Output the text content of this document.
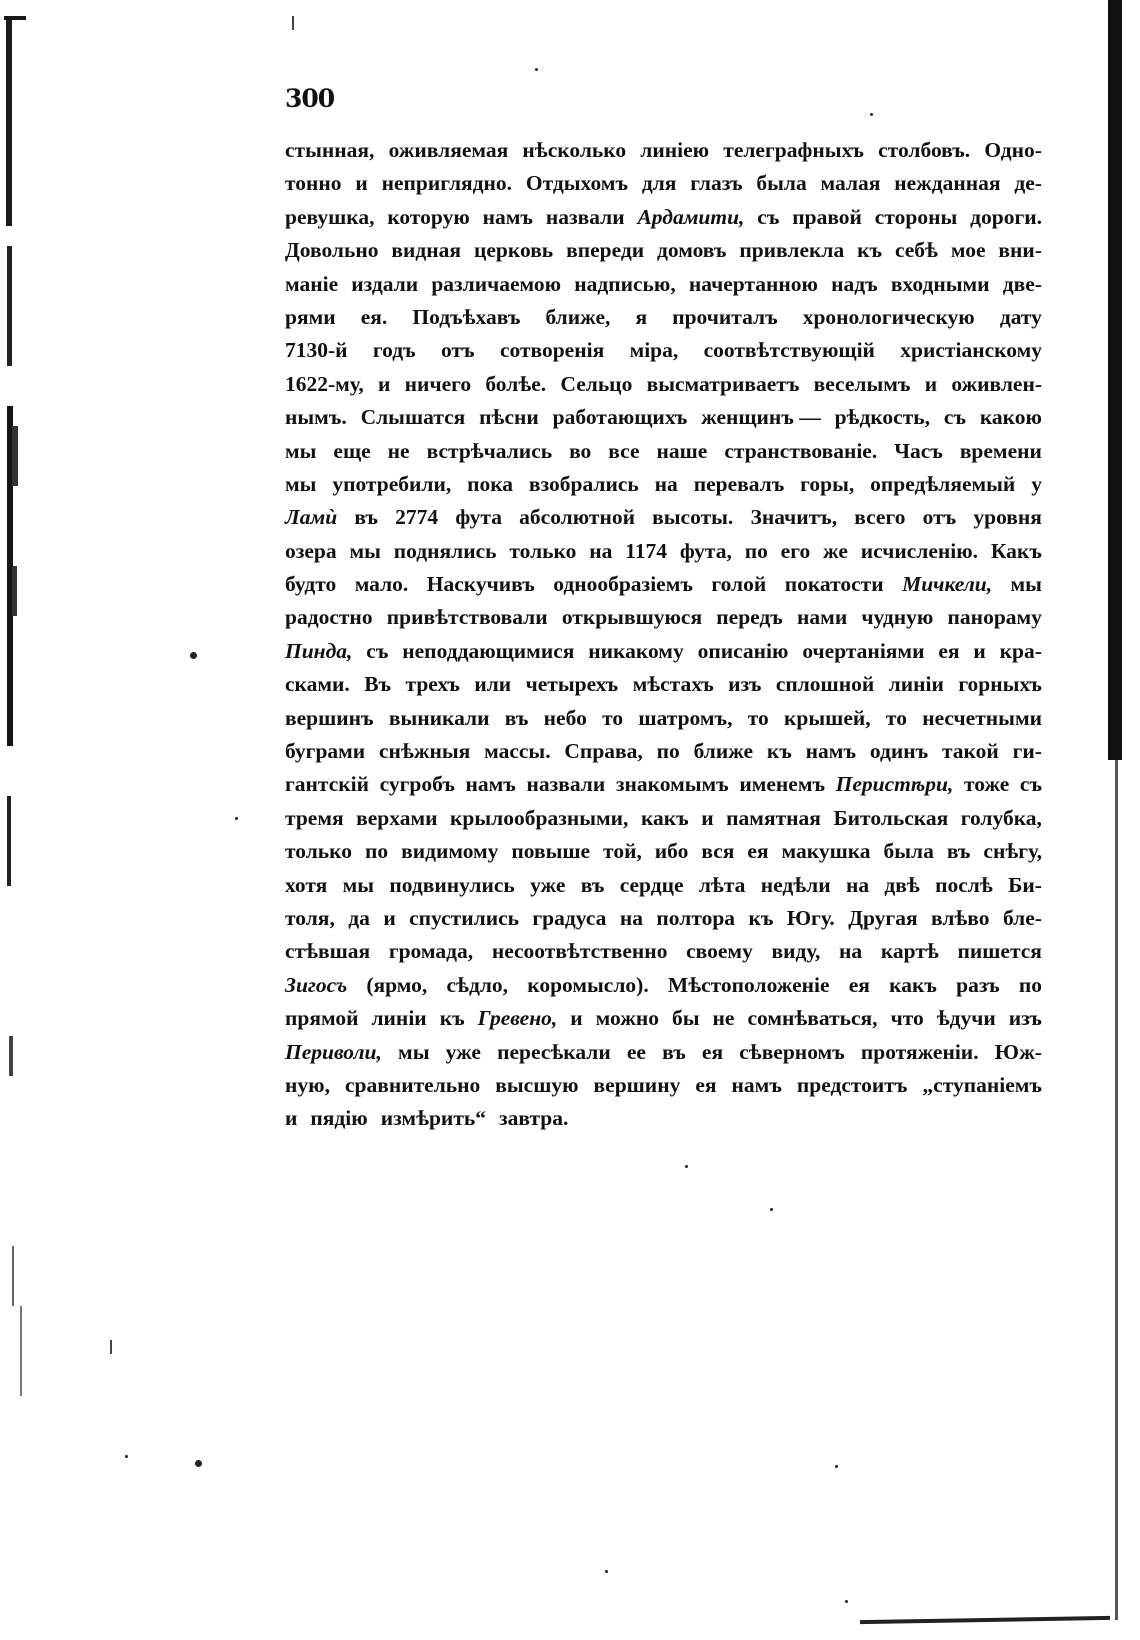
300
стынная, оживляемая нѣсколько линіею телеграфныхъ столбовъ. Одно-
тонно и непригляднo. Отдыхомъ для глазъ была малая нежданная де-
ревушка, которую намъ назвали Ардамити, съ правой стороны дороги.
Довольно видная церковь впереди домовъ привлекла къ себѣ мое вни-
маніе издали различаемою надписью, начертанною надъ входными две-
рями ея. Подъѣхавъ ближе, я прочиталъ хронологическую дату
7130-й годъ отъ сотворенія міра, соотвѣтствующій христіанскому
1622-му, и ничего болѣе. Сельцо высматриваетъ веселымъ и оживлен-
нымъ. Слышатся пѣсни работающихъ женщинъ — рѣдкость, съ какою
мы еще не встрѣчались во все наше странствованіе. Часъ времени
мы употребили, пока взобрались на перевалъ горы, опредѣляемый у
Ламѝ въ 2774 фута абсолютной высоты. Значитъ, всего отъ уровня
озера мы поднялись только на 1174 фута, по его же исчисленію. Какъ
будто мало. Наскучивъ однообразіемъ голой покатости Мичкели, мы
радостно привѣтствовали открывшуюся передъ нами чудную панораму
Пинда, съ неподдающимися никакому описанію очертаніями ея и кра-
сками. Въ трехъ или четырехъ мѣстахъ изъ сплошной линіи горныхъ
вершинъ выникали въ небо то шатромъ, то крышей, то несчетными
буграми снѣжныя массы. Справа, по ближе къ намъ одинъ такой ги-
гантскій сугробъ намъ назвали знакомымъ именемъ Перистѣри, тоже съ
тремя верхами крылообразными, какъ и памятная Битольская голубка,
только по видимому повыше той, ибо вся ея макушка была въ снѣгу,
хотя мы подвинулись уже въ сердце лѣта недѣли на двѣ послѣ Би-
толя, да и спустились градуса на полтора къ Югу. Другая влѣво бле-
стѣвшая громада, несоотвѣтственно своему виду, на картѣ пишется
Зигосъ (ярмо, сѣдло, коромысло). Мѣстоположеніе ея какъ разъ по
прямой линіи къ Гревено, и можно бы не сомнѣваться, что ѣдучи изъ
Периволи, мы уже пересѣкали ее въ ея сѣверномъ протяженіи. Юж-
ную, сравнительно высшую вершину ея намъ предстоитъ „ступаніемъ
и пядію измѣрить“ завтра.
